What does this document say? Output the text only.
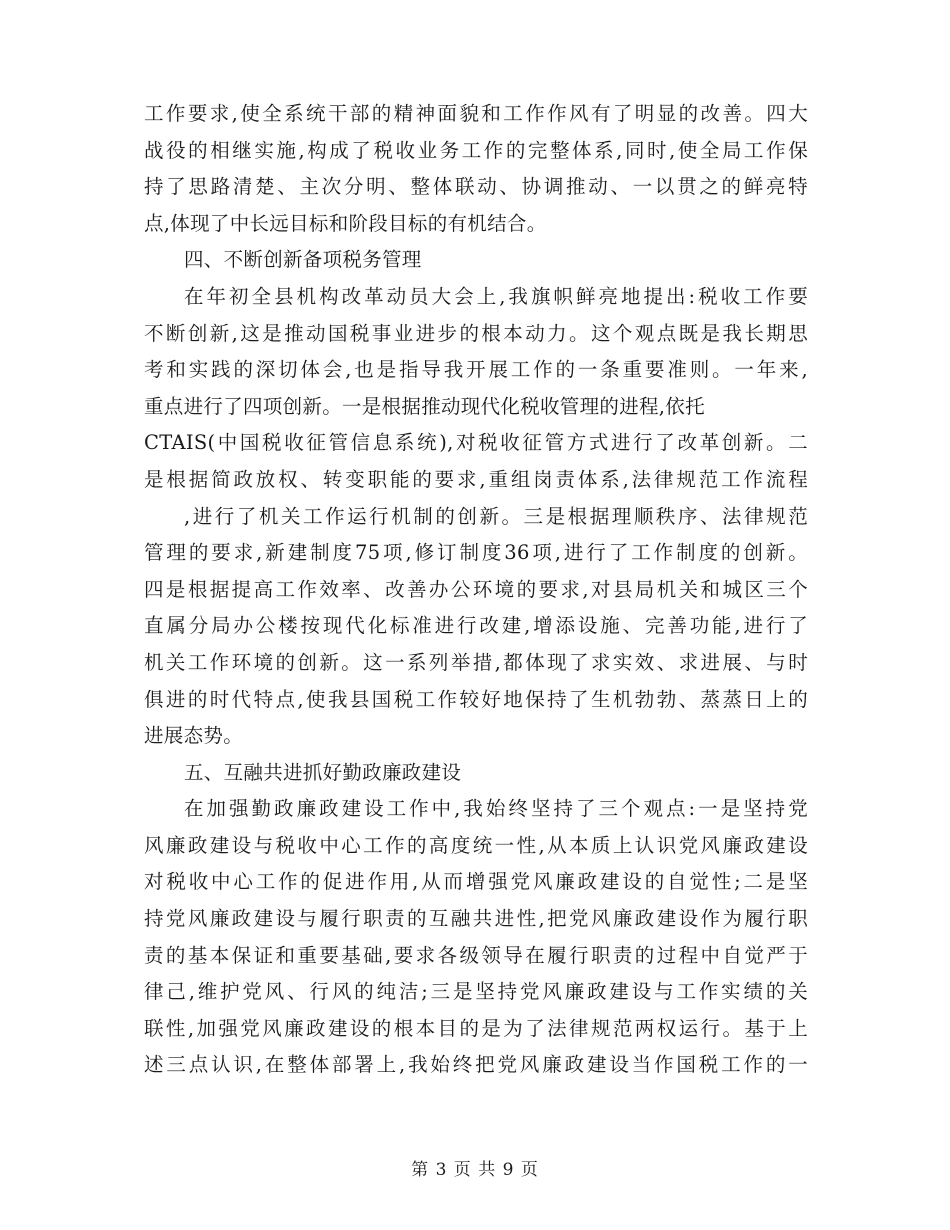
工作要求,使全系统干部的精神面貌和工作作风有了明显的改善。四大
战役的相继实施,构成了税收业务工作的完整体系,同时,使全局工作保
持了思路清楚、主次分明、整体联动、协调推动、一以贯之的鲜亮特
点,体现了中长远目标和阶段目标的有机结合。
四、不断创新备项税务管理
在年初全县机构改革动员大会上,我旗帜鲜亮地提出:税收工作要
不断创新,这是推动国税事业进步的根本动力。这个观点既是我长期思
考和实践的深切体会,也是指导我开展工作的一条重要准则。一年来,
重点进行了四项创新。一是根据推动现代化税收管理的进程,依托
CTAIS(中国税收征管信息系统),对税收征管方式进行了改革创新。二
是根据简政放权、转变职能的要求,重组岗责体系,法律规范工作流程
,进行了机关工作运行机制的创新。三是根据理顺秩序、法律规范
管理的要求,新建制度75项,修订制度36项,进行了工作制度的创新。
四是根据提高工作效率、改善办公环境的要求,对县局机关和城区三个
直属分局办公楼按现代化标准进行改建,增添设施、完善功能,进行了
机关工作环境的创新。这一系列举措,都体现了求实效、求进展、与时
俱进的时代特点,使我县国税工作较好地保持了生机勃勃、蒸蒸日上的
进展态势。
五、互融共进抓好勤政廉政建设
在加强勤政廉政建设工作中,我始终坚持了三个观点:一是坚持党
风廉政建设与税收中心工作的高度统一性,从本质上认识党风廉政建设
对税收中心工作的促进作用,从而增强党风廉政建设的自觉性;二是坚
持党风廉政建设与履行职责的互融共进性,把党风廉政建设作为履行职
责的基本保证和重要基础,要求各级领导在履行职责的过程中自觉严于
律己,维护党风、行风的纯洁;三是坚持党风廉政建设与工作实绩的关
联性,加强党风廉政建设的根本目的是为了法律规范两权运行。基于上
述三点认识,在整体部署上,我始终把党风廉政建设当作国税工作的一
第 3 页 共 9 页
